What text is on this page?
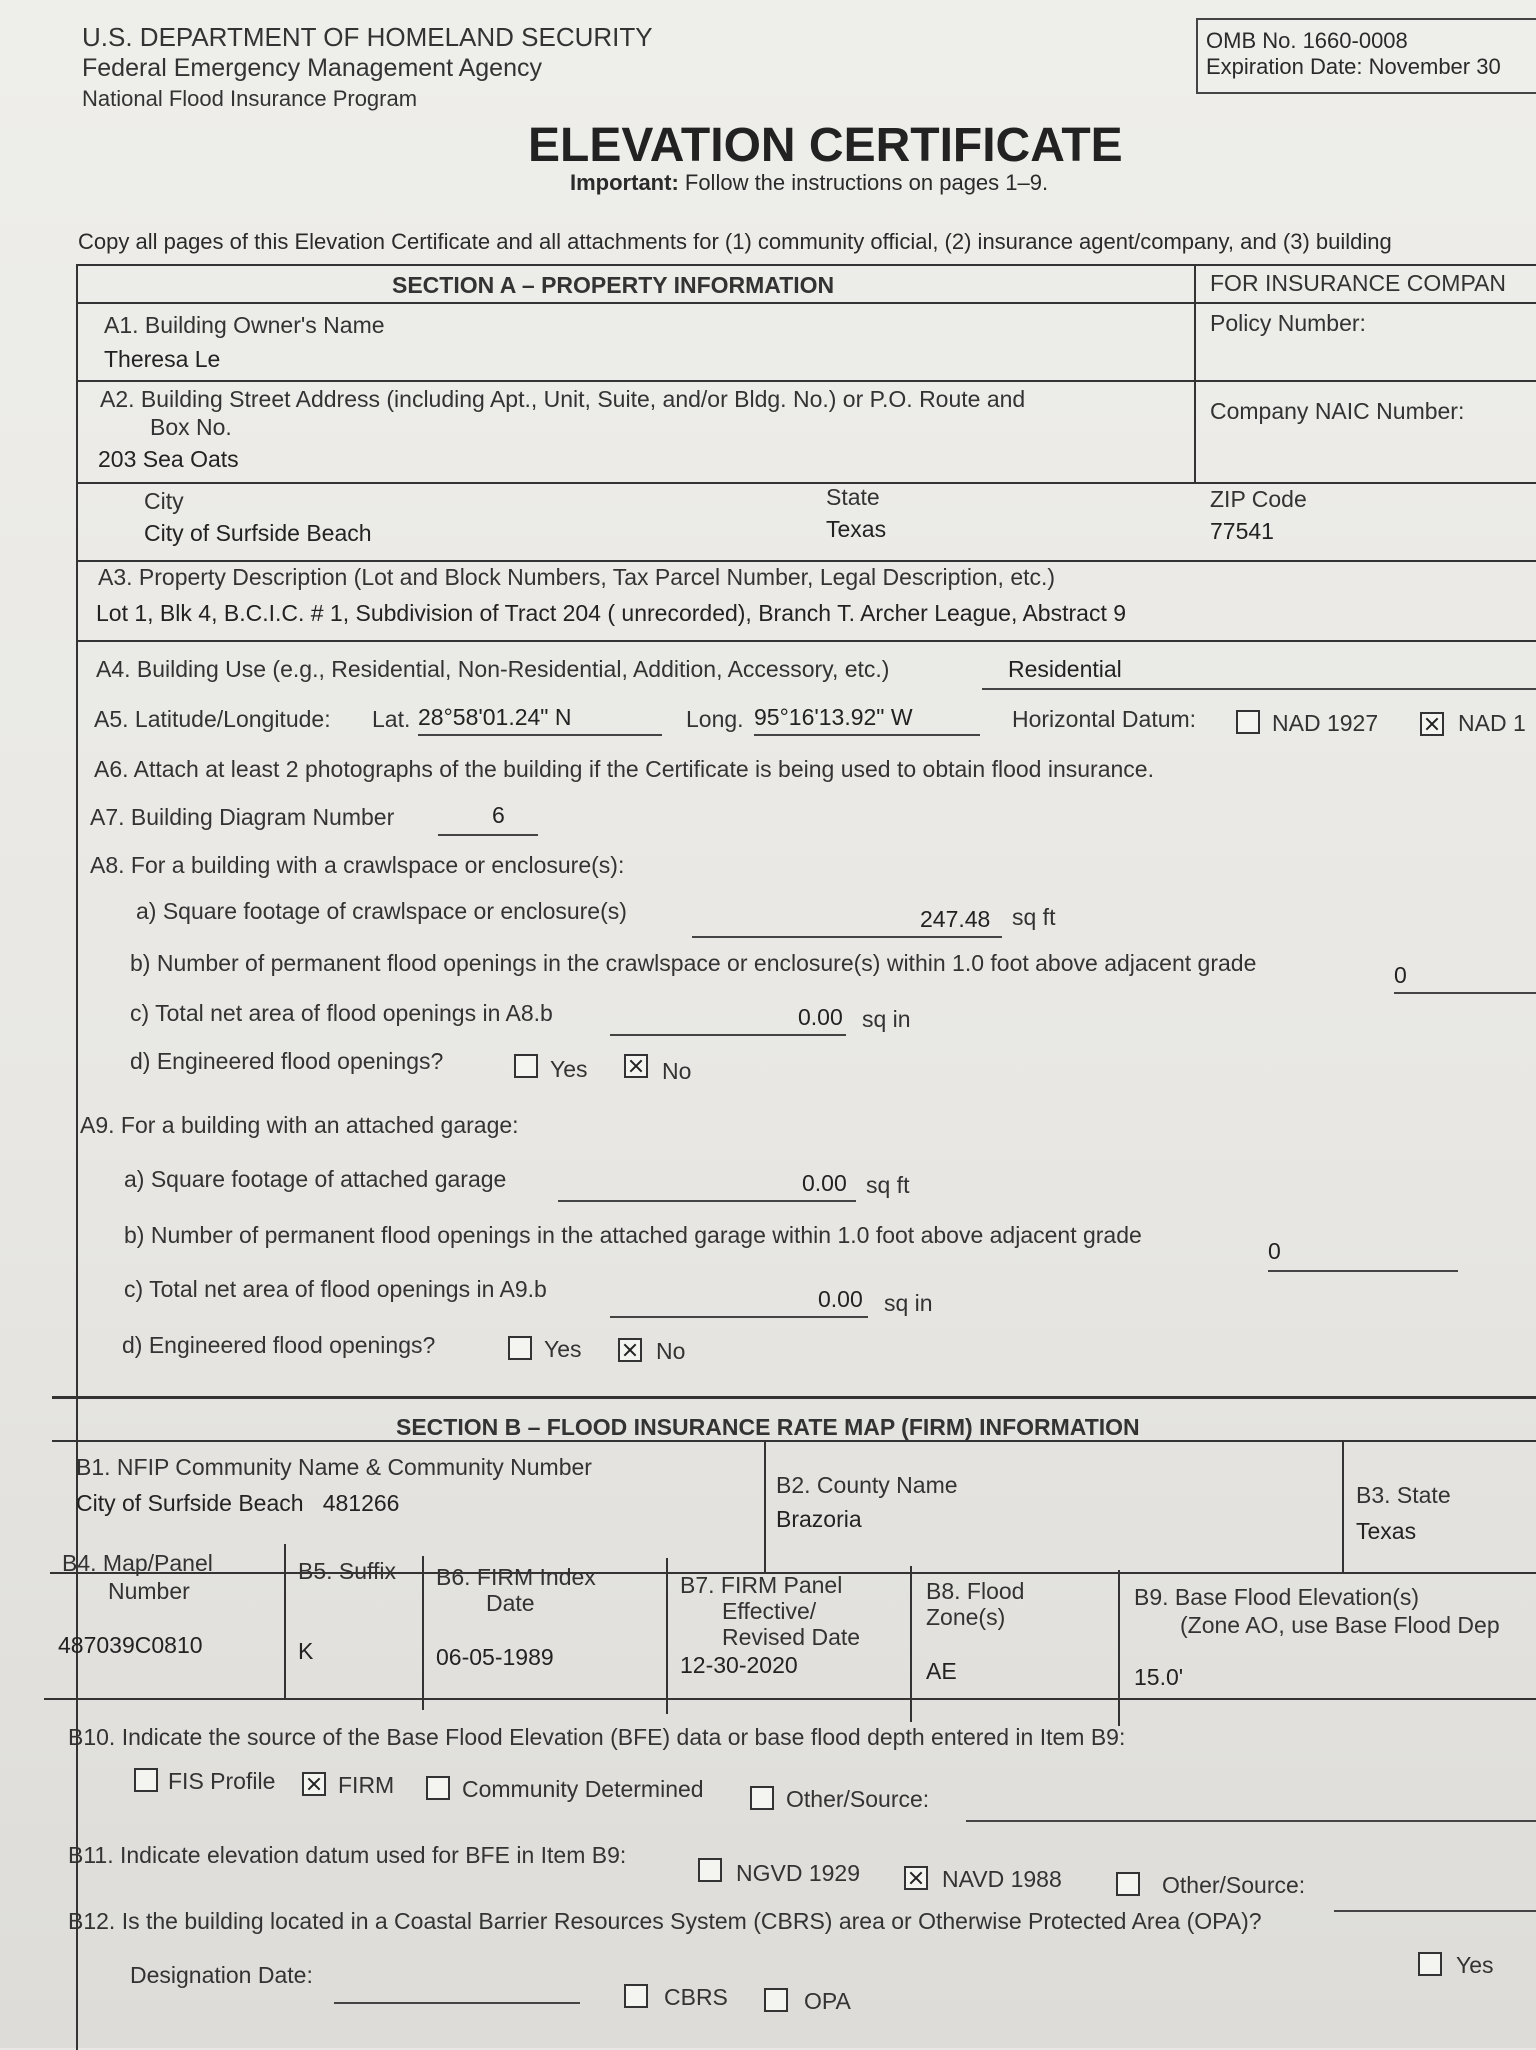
U.S. DEPARTMENT OF HOMELAND SECURITY
Federal Emergency Management Agency
National Flood Insurance Program
OMB No. 1660-0008
Expiration Date: November 30
ELEVATION CERTIFICATE
Important: Follow the instructions on pages 1–9.
Copy all pages of this Elevation Certificate and all attachments for (1) community official, (2) insurance agent/company, and (3) building
SECTION A – PROPERTY INFORMATION	FOR INSURANCE COMPAN
Policy Number:
Company NAIC Number:
A1. Building Owner's Name
Theresa Le
A2. Building Street Address (including Apt., Unit, Suite, and/or Bldg. No.) or P.O. Route and
Box No.
203 Sea Oats
City
City of Surfside Beach
State
Texas
ZIP Code
77541
A3. Property Description (Lot and Block Numbers, Tax Parcel Number, Legal Description, etc.)
Lot 1, Blk 4, B.C.I.C. # 1, Subdivision of Tract 204 ( unrecorded), Branch T. Archer League, Abstract 9
A4. Building Use (e.g., Residential, Non-Residential, Addition, Accessory, etc.)	Residential
A5. Latitude/Longitude: Lat. 28°58'01.24" N	Long. 95°16'13.92" W	Horizontal Datum:	NAD 1927	NAD 1
A6. Attach at least 2 photographs of the building if the Certificate is being used to obtain flood insurance.
A7. Building Diagram Number	6
A8. For a building with a crawlspace or enclosure(s):
a) Square footage of crawlspace or enclosure(s)	247.48 sq ft
b) Number of permanent flood openings in the crawlspace or enclosure(s) within 1.0 foot above adjacent grade	0
c) Total net area of flood openings in A8.b	0.00 sq in
d) Engineered flood openings?	Yes	No
A9. For a building with an attached garage:
a) Square footage of attached garage	0.00 sq ft
b) Number of permanent flood openings in the attached garage within 1.0 foot above adjacent grade
0
c) Total net area of flood openings in A9.b	0.00 sq in
d) Engineered flood openings?	Yes	No
SECTION B – FLOOD INSURANCE RATE MAP (FIRM) INFORMATION
B1. NFIP Community Name & Community Number
City of Surfside Beach   481266
B2. County Name
Brazoria
B3. State
Texas
B4. Map/Panel
Number
487039C0810
B5. Suffix
K
B6. FIRM Index
Date
06-05-1989
B7. FIRM Panel
Effective/
Revised Date
12-30-2020
B8. Flood
Zone(s)
AE
B9. Base Flood Elevation(s)
(Zone AO, use Base Flood Dep
15.0'
B10. Indicate the source of the Base Flood Elevation (BFE) data or base flood depth entered in Item B9:
FIS Profile	FIRM	Community Determined	Other/Source:
B11. Indicate elevation datum used for BFE in Item B9:
NGVD 1929	NAVD 1988	Other/Source:
B12. Is the building located in a Coastal Barrier Resources System (CBRS) area or Otherwise Protected Area (OPA)?
Yes
Designation Date:
CBRS	OPA
